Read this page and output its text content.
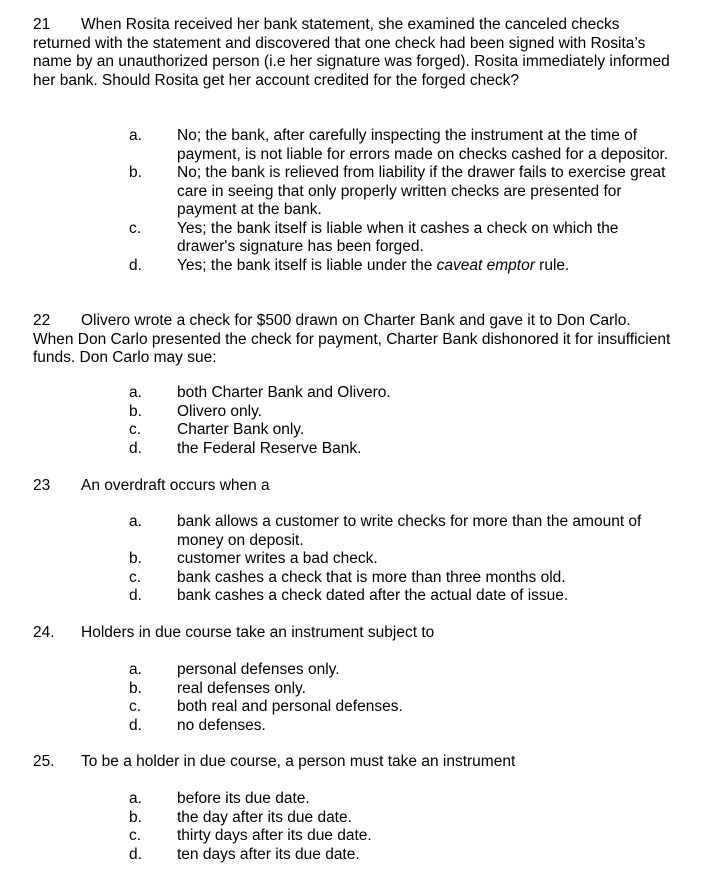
21 When Rosita received her bank statement, she examined the canceled checks returned with the statement and discovered that one check had been signed with Rosita’s name by an unauthorized person (i.e her signature was forged). Rosita immediately informed her bank. Should Rosita get her account credited for the forged check?

a.	No; the bank, after carefully inspecting the instrument at the time of payment, is not liable for errors made on checks cashed for a depositor.
b.	No; the bank is relieved from liability if the drawer fails to exercise great care in seeing that only properly written checks are presented for payment at the bank.
c.	Yes; the bank itself is liable when it cashes a check on which the drawer's signature has been forged.
d.	Yes; the bank itself is liable under the caveat emptor rule.

22 Olivero wrote a check for $500 drawn on Charter Bank and gave it to Don Carlo. When Don Carlo presented the check for payment, Charter Bank dishonored it for insufficient funds. Don Carlo may sue:

a.	both Charter Bank and Olivero.
b.	Olivero only.
c.	Charter Bank only.
d.	the Federal Reserve Bank.

23 An overdraft occurs when a

a.	bank allows a customer to write checks for more than the amount of money on deposit.
b.	customer writes a bad check.
c.	bank cashes a check that is more than three months old.
d.	bank cashes a check dated after the actual date of issue.

24. Holders in due course take an instrument subject to

a.	personal defenses only.
b.	real defenses only.
c.	both real and personal defenses.
d.	no defenses.

25. To be a holder in due course, a person must take an instrument

a.	before its due date.
b.	the day after its due date.
c.	thirty days after its due date.
d.	ten days after its due date.
